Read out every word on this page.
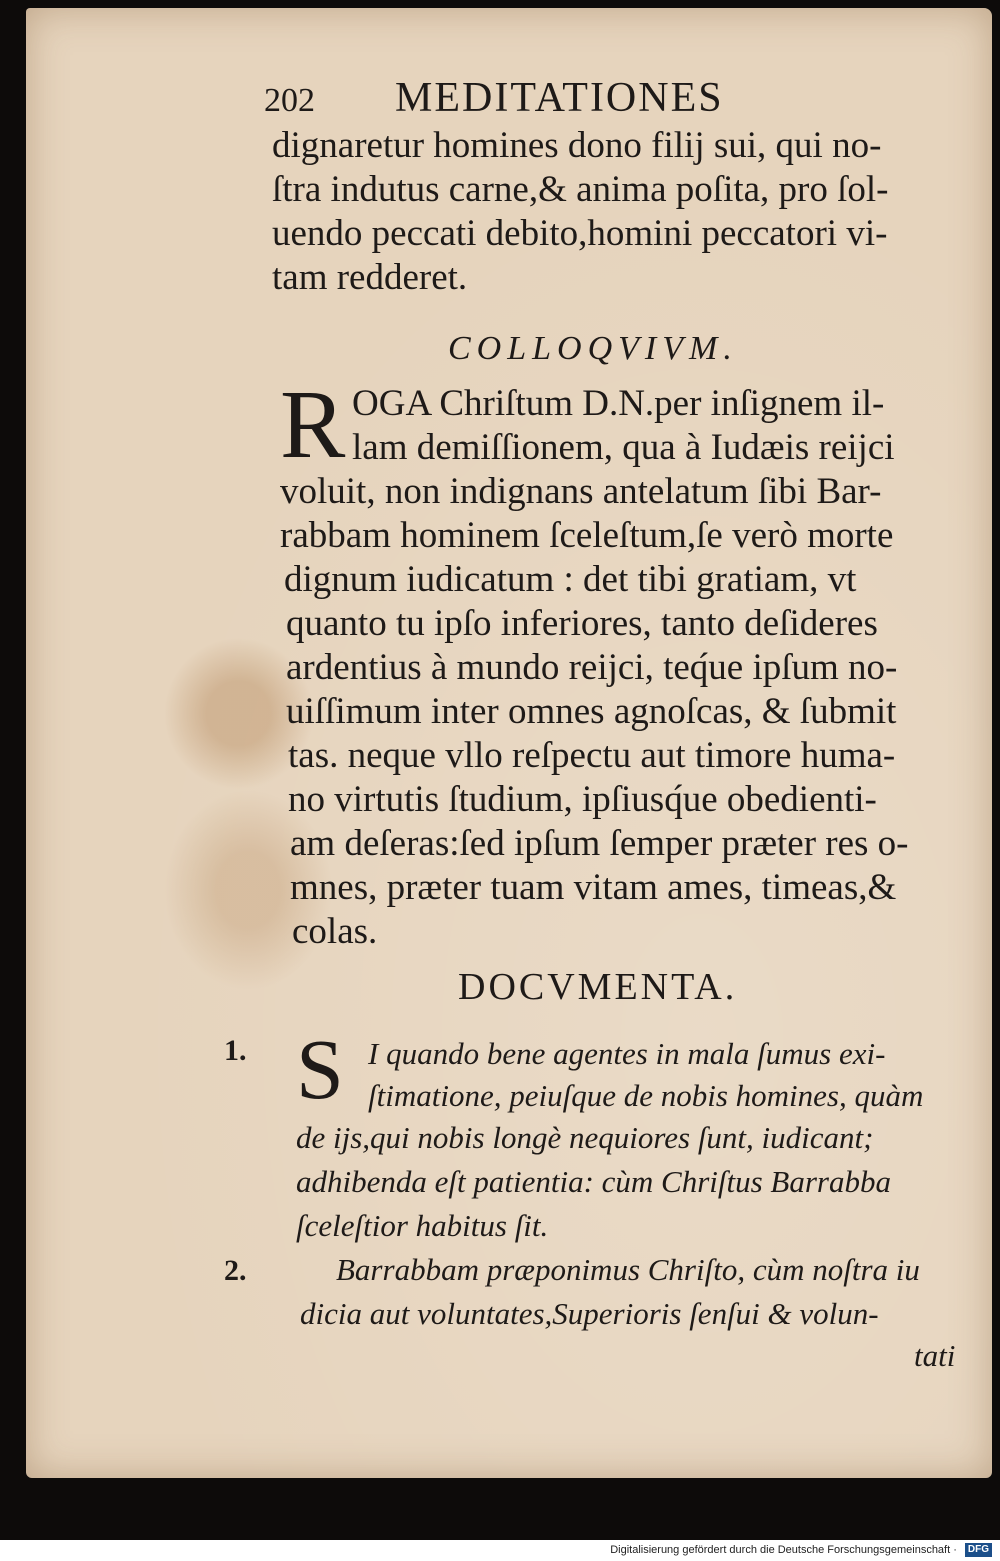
202 MEDITATIONES
dignaretur homines dono filij sui, qui no-
ſtra indutus carne,& anima poſita, pro ſol-
uendo peccati debito,homini peccatori vi-
tam redderet.
COLLOQVIVM.
R OGA Chriſtum D.N.per inſignem il-
lam demiſſionem, qua à Iudæis reijci
voluit, non indignans antelatum ſibi Bar-
rabbam hominem ſceleſtum,ſe verò morte
dignum iudicatum : det tibi gratiam, vt
quanto tu ipſo inferiores, tanto deſideres
ardentius à mundo reijci, teq́ue ipſum no-
uiſſimum inter omnes agnoſcas, & ſubmit
tas. neque vllo reſpectu aut timore huma-
no virtutis ſtudium, ipſiusq́ue obedienti-
am deſeras:ſed ipſum ſemper præter res o-
mnes, præter tuam vitam ames, timeas,&
colas.
DOCVMENTA.
1. S I quando bene agentes in mala ſumus exi-
ſtimatione, peiuſque de nobis homines, quàm
de ijs,qui nobis longè nequiores ſunt, iudicant;
adhibenda eſt patientia: cùm Chriſtus Barrabba
ſceleſtior habitus ſit.
2.	Barrabbam præponimus Chriſto, cùm noſtra iu
dicia aut voluntates,Superioris ſenſui & volun-
tati
Digitalisierung gefördert durch die Deutsche Forschungsgemeinschaft · DFG
